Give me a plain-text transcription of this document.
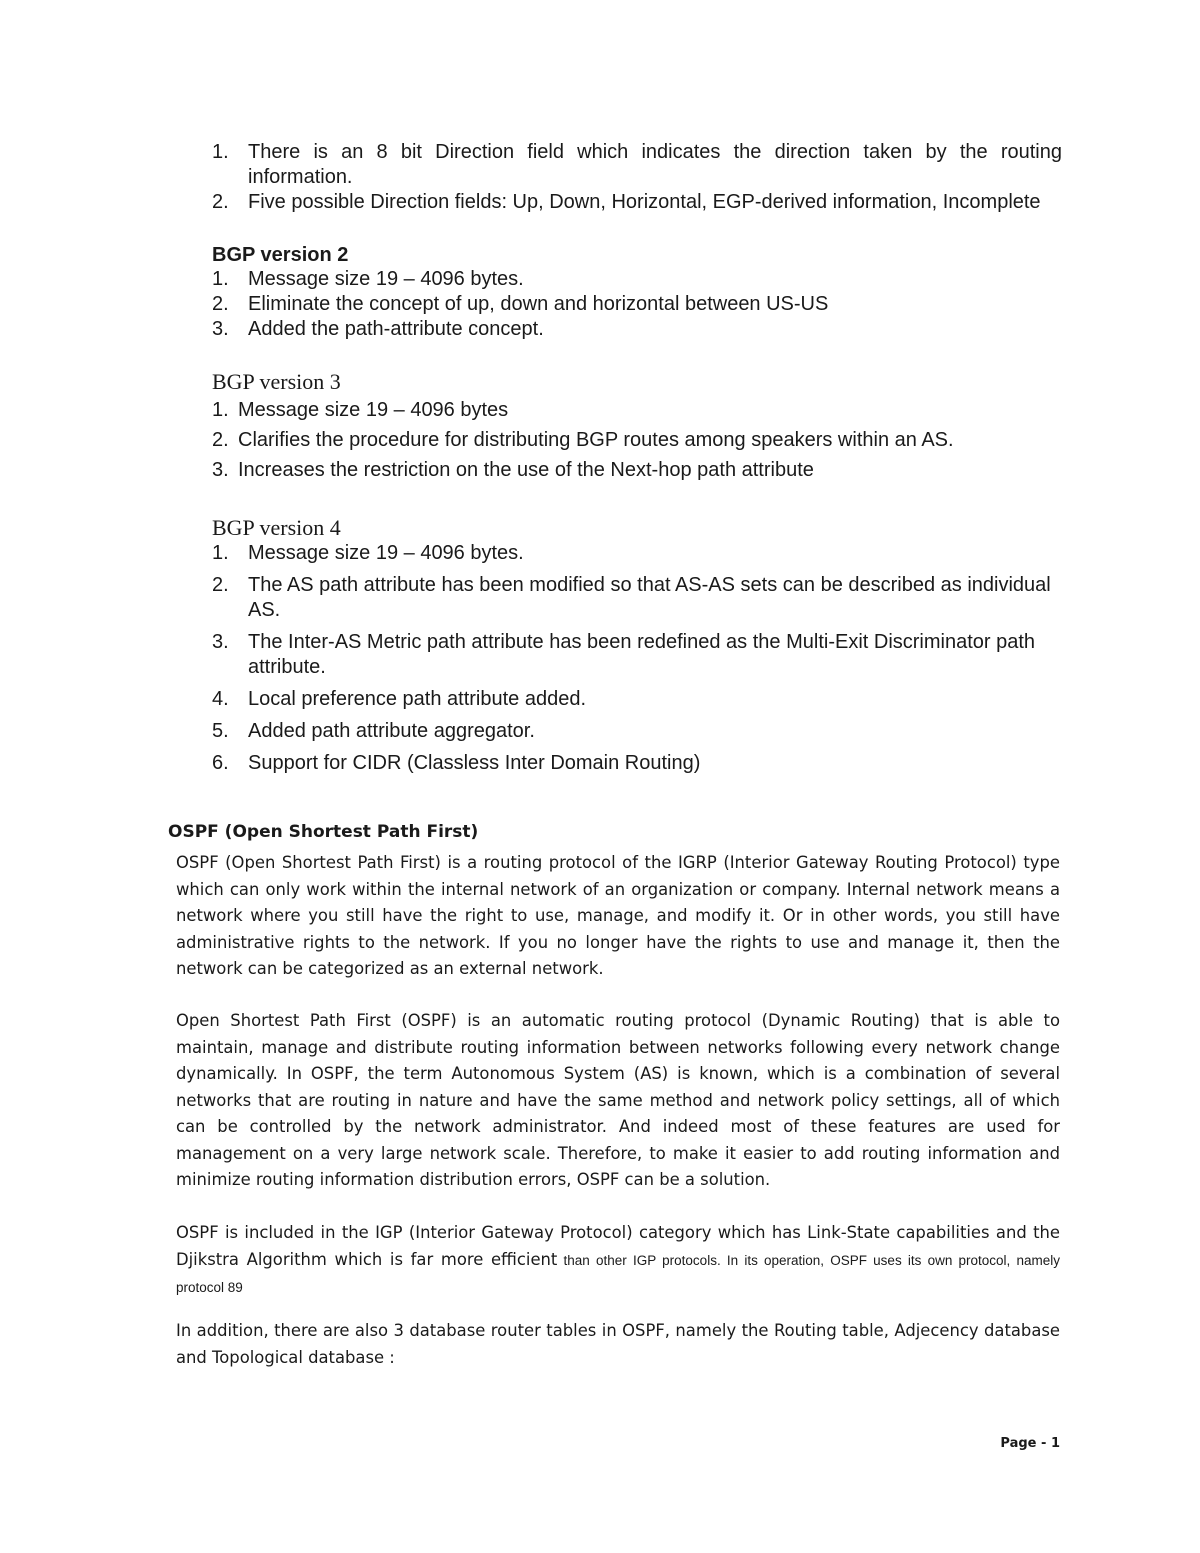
1. There is an 8 bit Direction field which indicates the direction taken by the routing information.
2. Five possible Direction fields: Up, Down, Horizontal, EGP-derived information, Incomplete
BGP version 2
1. Message size 19 – 4096 bytes.
2. Eliminate the concept of up, down and horizontal between US-US
3. Added the path-attribute concept.
BGP version 3
1. Message size 19 – 4096 bytes
2. Clarifies the procedure for distributing BGP routes among speakers within an AS.
3. Increases the restriction on the use of the Next-hop path attribute
BGP version 4
1. Message size 19 – 4096 bytes.
2. The AS path attribute has been modified so that AS-AS sets can be described as individual AS.
3. The Inter-AS Metric path attribute has been redefined as the Multi-Exit Discriminator path attribute.
4. Local preference path attribute added.
5. Added path attribute aggregator.
6. Support for CIDR (Classless Inter Domain Routing)
OSPF (Open Shortest Path First)

OSPF (Open Shortest Path First) is a routing protocol of the IGRP (Interior Gateway Routing Protocol) type which can only work within the internal network of an organization or company. Internal network means a network where you still have the right to use, manage, and modify it. Or in other words, you still have administrative rights to the network. If you no longer have the rights to use and manage it, then the network can be categorized as an external network.

Open Shortest Path First (OSPF) is an automatic routing protocol (Dynamic Routing) that is able to maintain, manage and distribute routing information between networks following every network change dynamically. In OSPF, the term Autonomous System (AS) is known, which is a combination of several networks that are routing in nature and have the same method and network policy settings, all of which can be controlled by the network administrator. And indeed most of these features are used for management on a very large network scale. Therefore, to make it easier to add routing information and minimize routing information distribution errors, OSPF can be a solution.

OSPF is included in the IGP (Interior Gateway Protocol) category which has Link-State capabilities and the Djikstra Algorithm which is far more efficient than other IGP protocols. In its operation, OSPF uses its own protocol, namely protocol 89

In addition, there are also 3 database router tables in OSPF, namely the Routing table, Adjecency database and Topological database :

Page - 1
